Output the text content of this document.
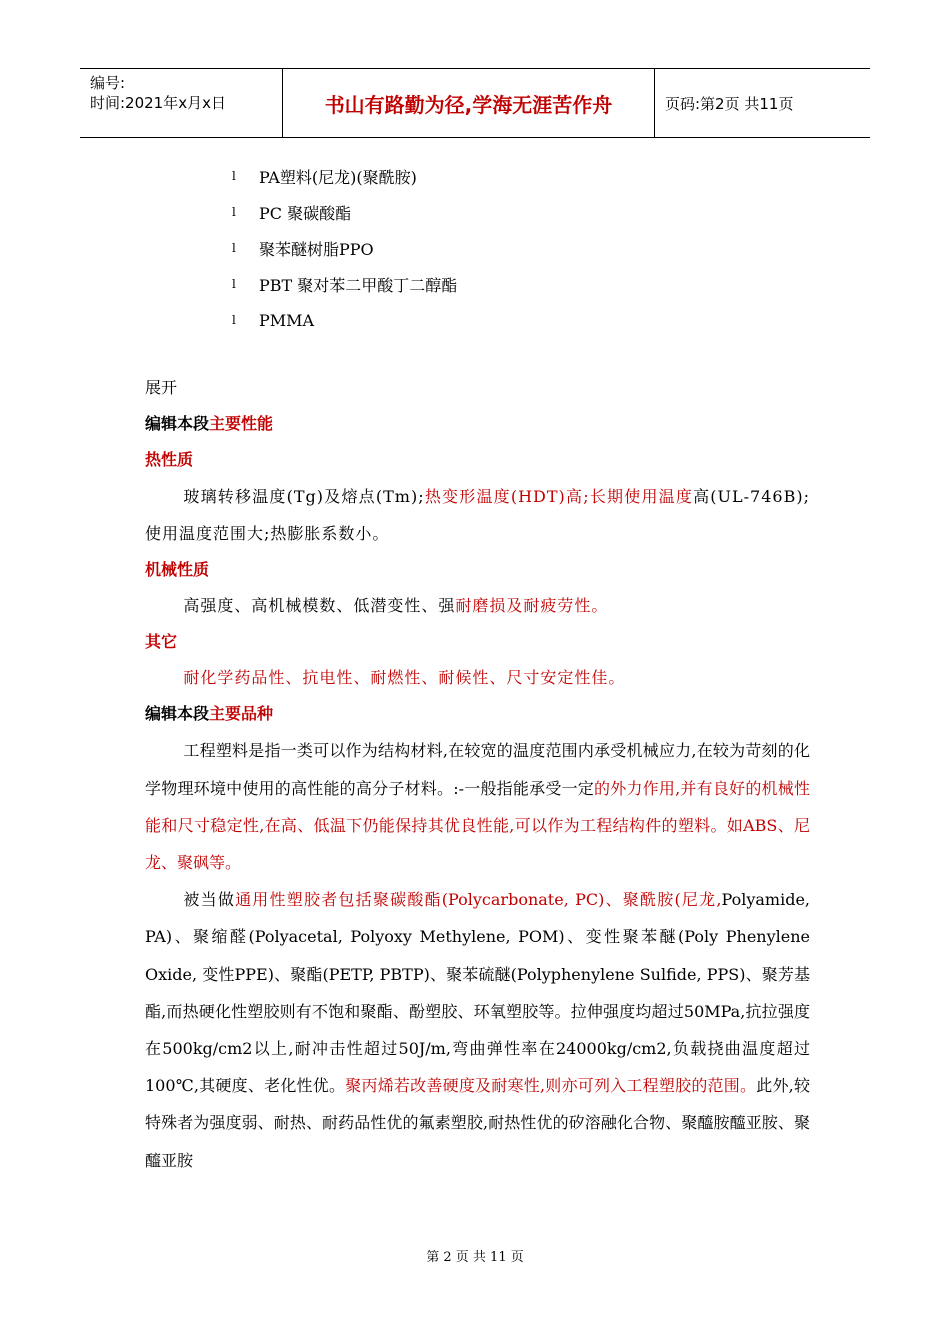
编号:
时间:2021年x月x日	书山有路勤为径,学海无涯苦作舟	页码:第2页 共11页
l	PA塑料(尼龙)(聚酰胺)
l	PC 聚碳酸酯
l	聚苯醚树脂PPO
l	PBT 聚对苯二甲酸丁二醇酯
l	PMMA
展开
编辑本段主要性能
热性质
玻璃转移温度(Tg)及熔点(Tm);热变形温度(HDT)高;长期使用温度高(UL-746B);使用温度范围大;热膨胀系数小。
机械性质
高强度、高机械模数、低潜变性、强耐磨损及耐疲劳性。
其它
耐化学药品性、抗电性、耐燃性、耐候性、尺寸安定性佳。
编辑本段主要品种
工程塑料是指一类可以作为结构材料,在较宽的温度范围内承受机械应力,在较为苛刻的化学物理环境中使用的高性能的高分子材料。:-一般指能承受一定的外力作用,并有良好的机械性能和尺寸稳定性,在高、低温下仍能保持其优良性能,可以作为工程结构件的塑料。如ABS、尼龙、聚砜等。
被当做通用性塑胶者包括聚碳酸酯(Polycarbonate, PC)、聚酰胺(尼龙,Polyamide, PA)、聚缩醛(Polyacetal, Polyoxy Methylene, POM)、变性聚苯醚(Poly Phenylene Oxide, 变性PPE)、聚酯(PETP, PBTP)、聚苯硫醚(Polyphenylene Sulfide, PPS)、聚芳基酯,而热硬化性塑胶则有不饱和聚酯、酚塑胶、环氧塑胶等。拉伸强度均超过50MPa,抗拉强度在500kg/cm2以上,耐冲击性超过50J/m,弯曲弹性率在24000kg/cm2,负载挠曲温度超过100℃,其硬度、老化性优。聚丙烯若改善硬度及耐寒性,则亦可列入工程塑胶的范围。此外,较特殊者为强度弱、耐热、耐药品性优的氟素塑胶,耐热性优的矽溶融化合物、聚醯胺醯亚胺、聚醯亚胺
第 2 页 共 11 页
